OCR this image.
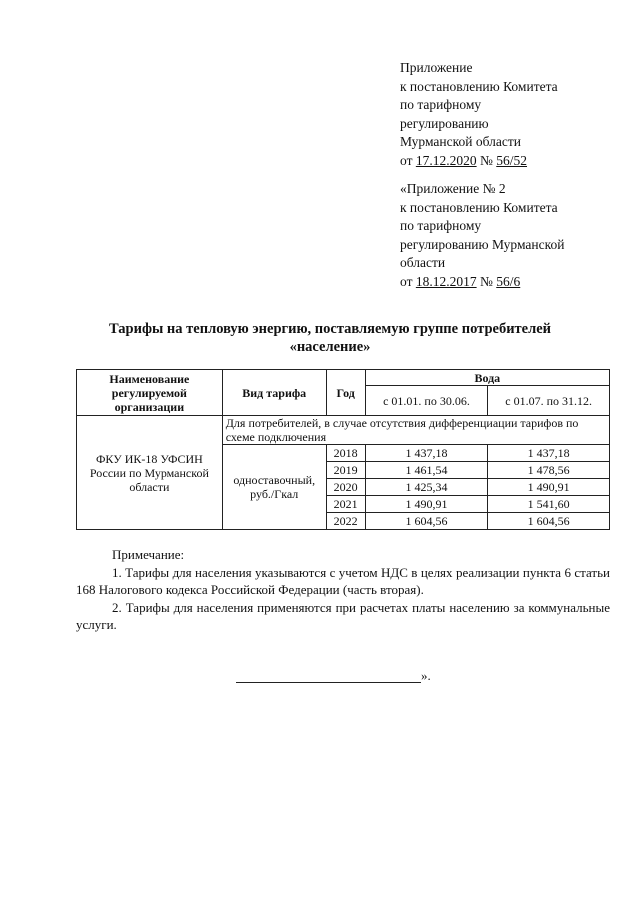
Приложение
к постановлению Комитета
по тарифному
регулированию
Мурманской области
от 17.12.2020 № 56/52
«Приложение № 2
к постановлению Комитета
по тарифному
регулированию Мурманской
области
от 18.12.2017 № 56/6
Тарифы на тепловую энергию, поставляемую группе потребителей
«население»
Наименование регулируемой организации	Вид тарифа	Год	Вода	
			с 01.01. по 30.06.	с 01.07. по 31.12.
ФКУ ИК-18 УФСИН России по Мурманской области	Для потребителей, в случае отсутствия дифференциации тарифов по схеме подключения			
	одноставочный, руб./Гкал	2018	1 437,18	1 437,18
		2019	1 461,54	1 478,56
		2020	1 425,34	1 490,91
		2021	1 490,91	1 541,60
		2022	1 604,56	1 604,56
Примечание:
1. Тарифы для населения указываются с учетом НДС в целях реализации пункта 6 статьи 168 Налогового кодекса Российской Федерации (часть вторая).
2. Тарифы для населения применяются при расчетах платы населению за коммунальные услуги.
».
